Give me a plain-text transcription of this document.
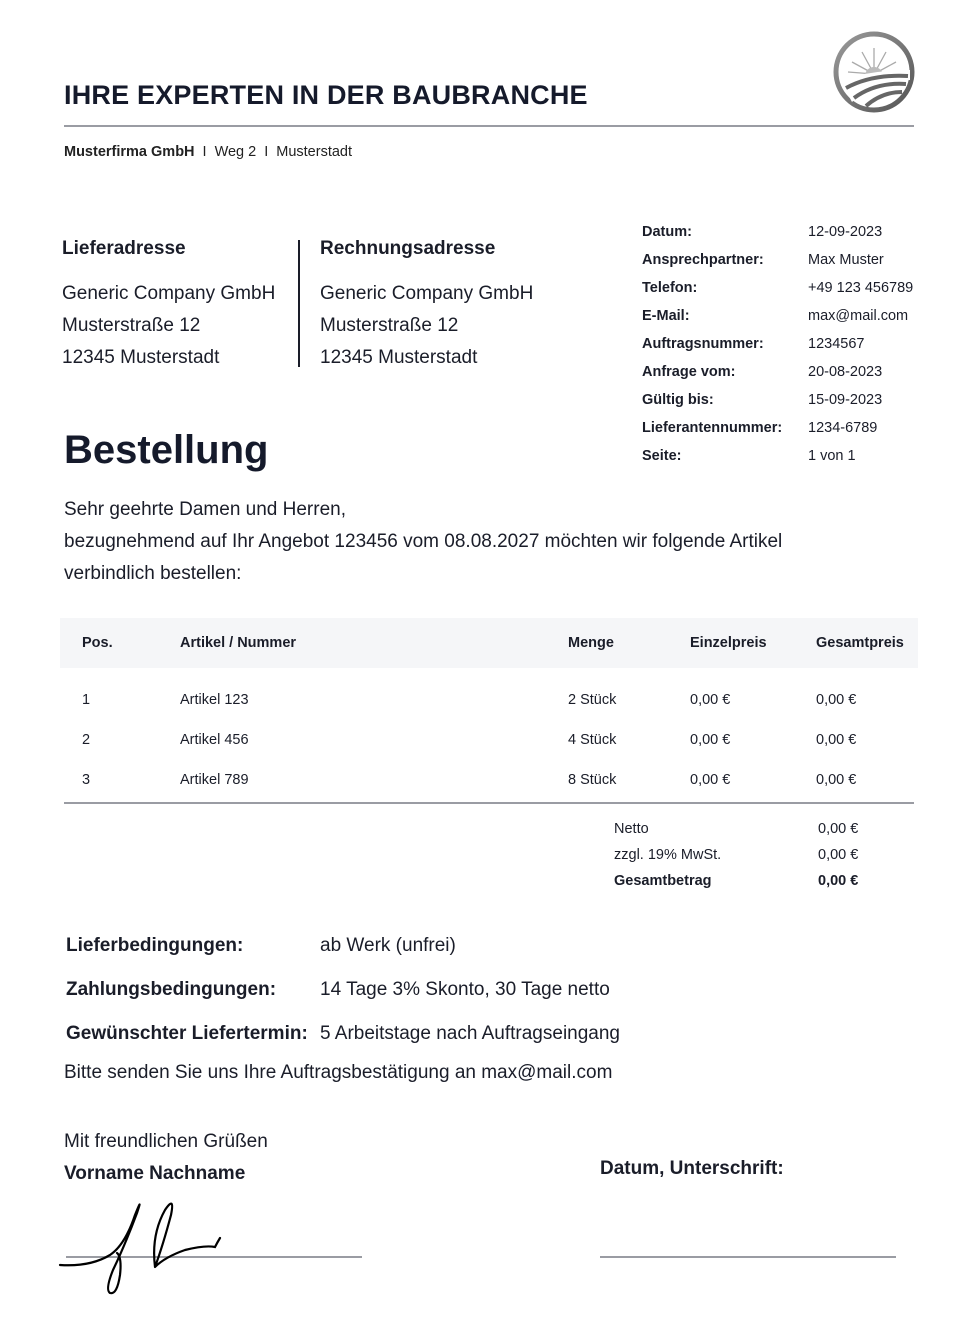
IHRE EXPERTEN IN DER BAUBRANCHE
Musterfirma GmbH I Weg 2 I Musterstadt
Lieferadresse
Generic Company GmbH
Musterstraße 12
12345 Musterstadt
Rechnungsadresse
Generic Company GmbH
Musterstraße 12
12345 Musterstadt
Datum:	12-09-2023
Ansprechpartner:	Max Muster
Telefon:	+49 123 456789
E-Mail:	max@mail.com
Auftragsnummer:	1234567
Anfrage vom:	20-08-2023
Gültig bis:	15-09-2023
Lieferantennummer:	1234-6789
Seite:	1 von 1
Bestellung
Sehr geehrte Damen und Herren,
bezugnehmend auf Ihr Angebot 123456 vom 08.08.2027 möchten wir folgende Artikel
verbindlich bestellen:
Pos.	Artikel / Nummer	Menge	Einzelpreis	Gesamtpreis
1	Artikel 123	2 Stück	0,00 €	0,00 €
2	Artikel 456	4 Stück	0,00 €	0,00 €
3	Artikel 789	8 Stück	0,00 €	0,00 €
Netto	0,00 €
zzgl. 19% MwSt.	0,00 €
Gesamtbetrag	0,00 €
Lieferbedingungen:	ab Werk (unfrei)
Zahlungsbedingungen:	14 Tage 3% Skonto, 30 Tage netto
Gewünschter Liefertermin: 5 Arbeitstage nach Auftragseingang
Bitte senden Sie uns Ihre Auftragsbestätigung an max@mail.com
Mit freundlichen Grüßen
Vorname Nachname	Datum, Unterschrift:
